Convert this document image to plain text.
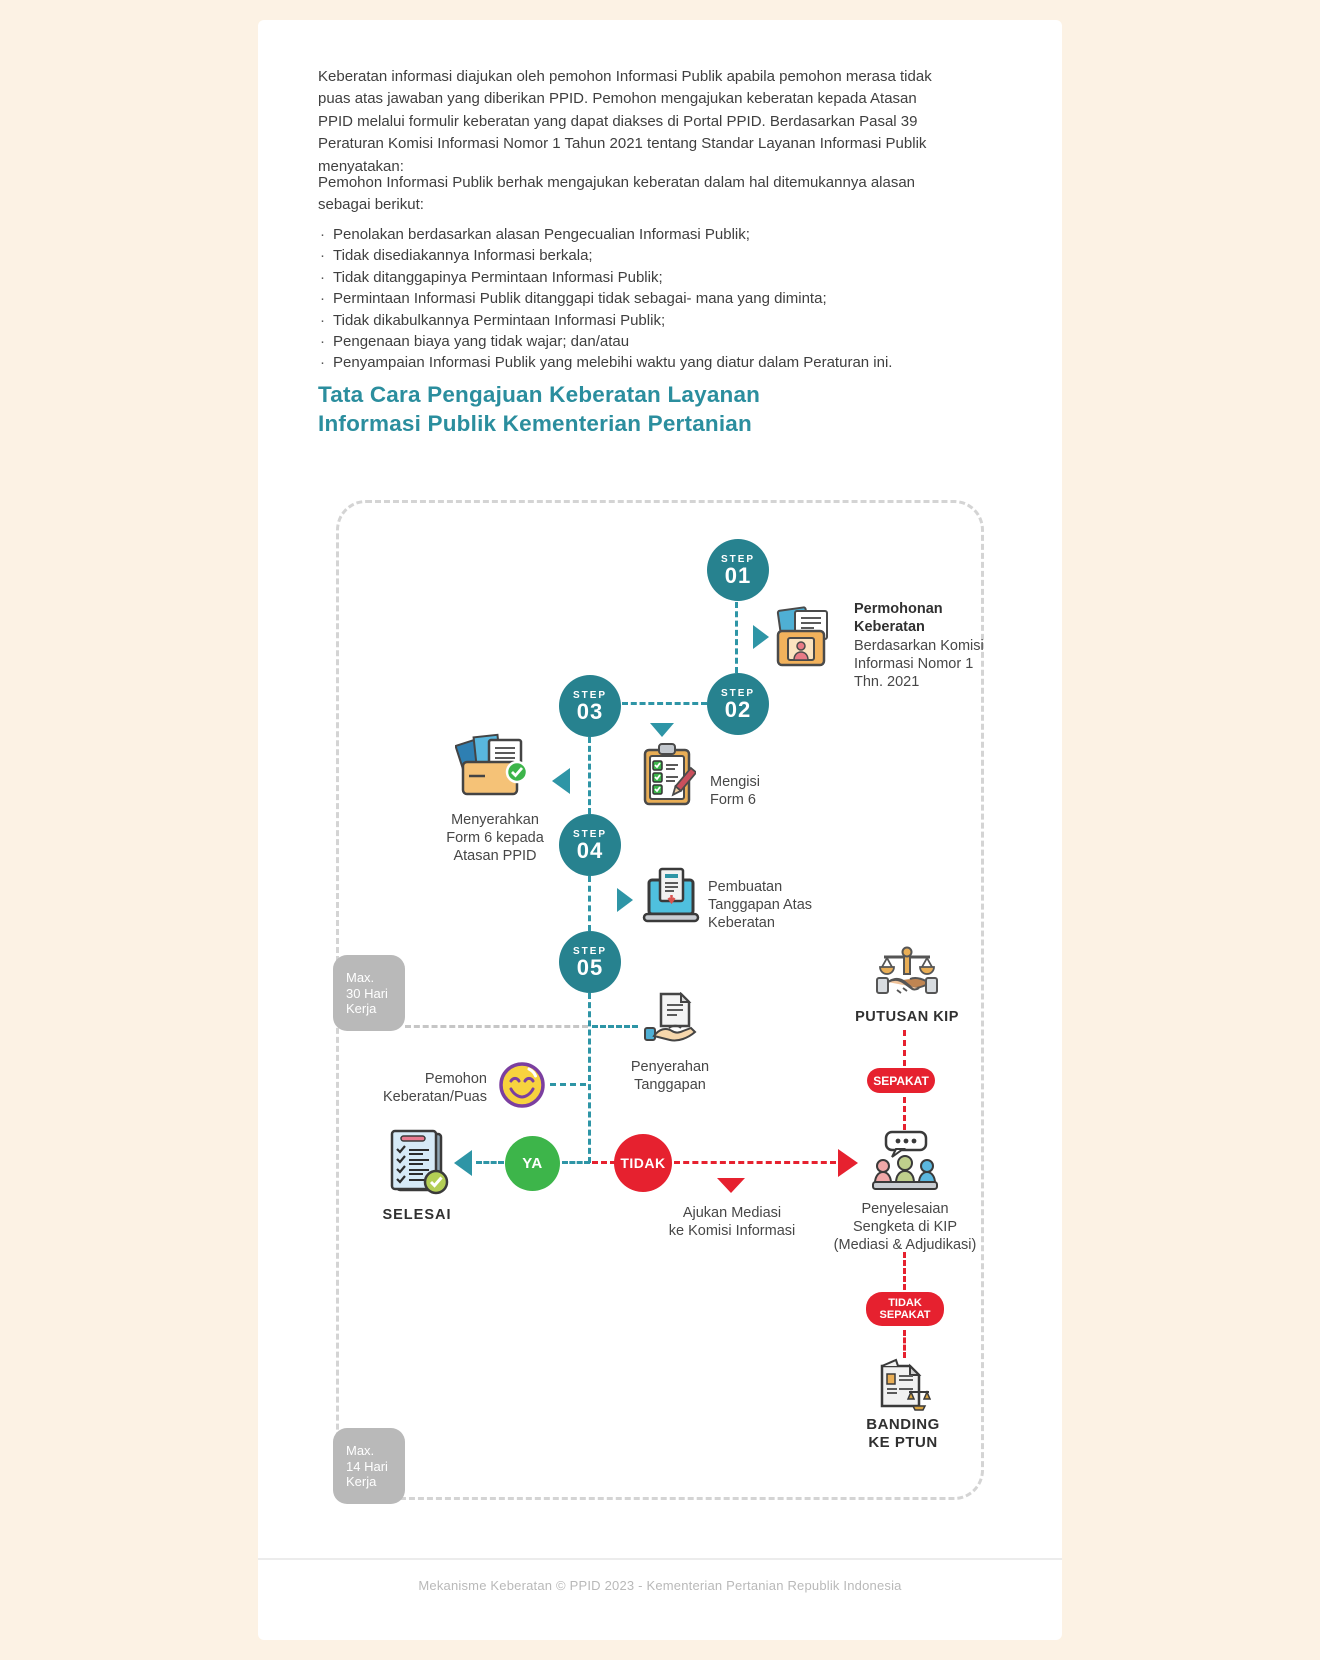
Keberatan informasi diajukan oleh pemohon Informasi Publik apabila pemohon merasa tidak puas atas jawaban yang diberikan PPID. Pemohon mengajukan keberatan kepada Atasan PPID melalui formulir keberatan yang dapat diakses di Portal PPID. Berdasarkan Pasal 39 Peraturan Komisi Informasi Nomor 1 Tahun 2021 tentang Standar Layanan Informasi Publik menyatakan:
Pemohon Informasi Publik berhak mengajukan keberatan dalam hal ditemukannya alasan sebagai berikut:
· Penolakan berdasarkan alasan Pengecualian Informasi Publik;
· Tidak disediakannya Informasi berkala;
· Tidak ditanggapinya Permintaan Informasi Publik;
· Permintaan Informasi Publik ditanggapi tidak sebagai- mana yang diminta;
· Tidak dikabulkannya Permintaan Informasi Publik;
· Pengenaan biaya yang tidak wajar; dan/atau
· Penyampaian Informasi Publik yang melebihi waktu yang diatur dalam Peraturan ini.
Tata Cara Pengajuan Keberatan Layanan
Informasi Publik Kementerian Pertanian
STEP
01
STEP
02
STEP
03
STEP
04
STEP
05
Permohonan
Keberatan
Berdasarkan Komisi
Informasi Nomor 1
Thn. 2021
Mengisi
Form 6
Menyerahkan
Form 6 kepada
Atasan PPID
Pembuatan
Tanggapan Atas
Keberatan
Penyerahan
Tanggapan
Max.
30 Hari
Kerja
Max.
14 Hari
Kerja
Pemohon
Keberatan/Puas
SELESAI
YA	TIDAK
Ajukan Mediasi
ke Komisi Informasi
PUTUSAN KIP
SEPAKAT
Penyelesaian
Sengketa di KIP
(Mediasi & Adjudikasi)
TIDAK
SEPAKAT
BANDING
KE PTUN
Mekanisme Keberatan © PPID 2023 - Kementerian Pertanian Republik Indonesia
